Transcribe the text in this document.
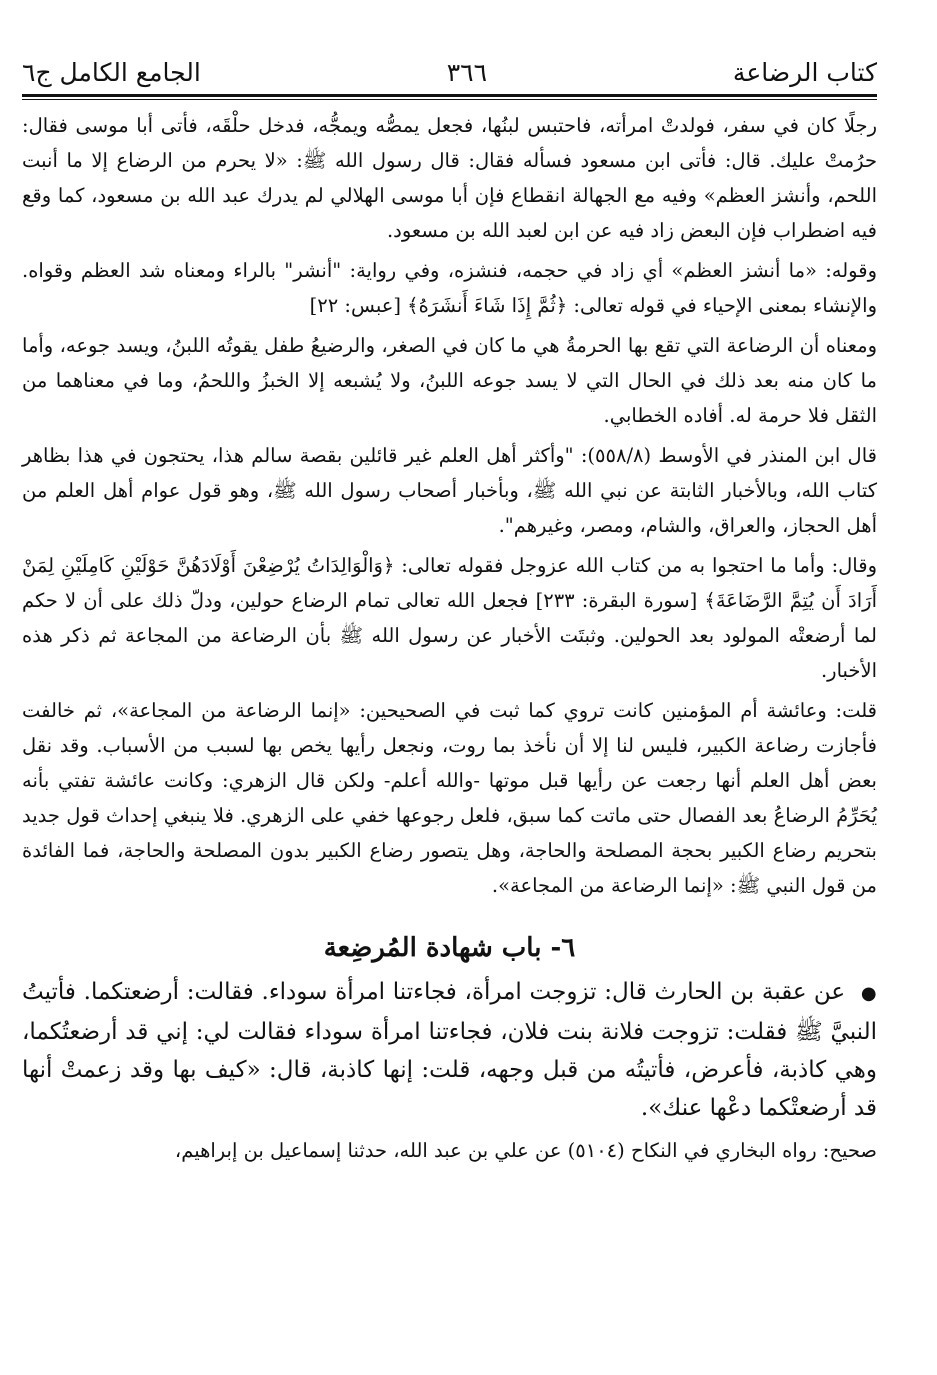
كتاب الرضاعة
٣٦٦
الجامع الكامل ج٦

رجلًا كان في سفر، فولدتْ امرأته، فاحتبس لبنُها، فجعل يمصُّه ويمجُّه، فدخل حلْقَه، فأتى أبا موسى فقال: حرُمتْ عليك. قال: فأتى ابن مسعود فسأله فقال: قال رسول الله ﷺ: «لا يحرم من الرضاع إلا ما أنبت اللحم، وأنشز العظم» وفيه مع الجهالة انقطاع فإن أبا موسى الهلالي لم يدرك عبد الله بن مسعود، كما وقع فيه اضطراب فإن البعض زاد فيه عن ابن لعبد الله بن مسعود.

وقوله: «ما أنشز العظم» أي زاد في حجمه، فنشزه، وفي رواية: "أنشر" بالراء ومعناه شد العظم وقواه. والإنشاء بمعنى الإحياء في قوله تعالى: ﴿ثُمَّ إِذَا شَاءَ أَنشَرَهُ﴾ [عبس: ٢٢]

ومعناه أن الرضاعة التي تقع بها الحرمةُ هي ما كان في الصغر، والرضيعُ طفل يقوتُه اللبنُ، ويسد جوعه، وأما ما كان منه بعد ذلك في الحال التي لا يسد جوعه اللبنُ، ولا يُشبعه إلا الخبزُ واللحمُ، وما في معناهما من الثقل فلا حرمة له. أفاده الخطابي.

قال ابن المنذر في الأوسط (٥٥٨/٨): "وأكثر أهل العلم غير قائلين بقصة سالم هذا، يحتجون في هذا بظاهر كتاب الله، وبالأخبار الثابتة عن نبي الله ﷺ، وبأخبار أصحاب رسول الله ﷺ، وهو قول عوام أهل العلم من أهل الحجاز، والعراق، والشام، ومصر، وغيرهم".

وقال: وأما ما احتجوا به من كتاب الله عزوجل فقوله تعالى: ﴿وَالْوَالِدَاتُ يُرْضِعْنَ أَوْلَادَهُنَّ حَوْلَيْنِ كَامِلَيْنِ لِمَنْ أَرَادَ أَن يُتِمَّ الرَّضَاعَةَ﴾ [سورة البقرة: ٢٣٣] فجعل الله تعالى تمام الرضاع حولين، ودلّ ذلك على أن لا حكم لما أرضعتْه المولود بعد الحولين. وثبتَت الأخبار عن رسول الله ﷺ بأن الرضاعة من المجاعة ثم ذكر هذه الأخبار.

قلت: وعائشة أم المؤمنين كانت تروي كما ثبت في الصحيحين: «إنما الرضاعة من المجاعة»، ثم خالفت فأجازت رضاعة الكبير، فليس لنا إلا أن نأخذ بما روت، ونجعل رأيها يخص بها لسبب من الأسباب. وقد نقل بعض أهل العلم أنها رجعت عن رأيها قبل موتها -والله أعلم- ولكن قال الزهري: وكانت عائشة تفتي بأنه يُحَرِّمُ الرضاعُ بعد الفصال حتى ماتت كما سبق، فلعل رجوعها خفي على الزهري. فلا ينبغي إحداث قول جديد بتحريم رضاع الكبير بحجة المصلحة والحاجة، وهل يتصور رضاع الكبير بدون المصلحة والحاجة، فما الفائدة من قول النبي ﷺ: «إنما الرضاعة من المجاعة».

٦- باب شهادة المُرضِعة

● عن عقبة بن الحارث قال: تزوجت امرأة، فجاءتنا امرأة سوداء. فقالت: أرضعتكما. فأتيتُ النبيَّ ﷺ فقلت: تزوجت فلانة بنت فلان، فجاءتنا امرأة سوداء فقالت لي: إني قد أرضعتُكما، وهي كاذبة، فأعرض، فأتيتُه من قبل وجهه، قلت: إنها كاذبة، قال: «كيف بها وقد زعمتْ أنها قد أرضعتْكما دعْها عنك».

صحيح: رواه البخاري في النكاح (٥١٠٤) عن علي بن عبد الله، حدثنا إسماعيل بن إبراهيم،
